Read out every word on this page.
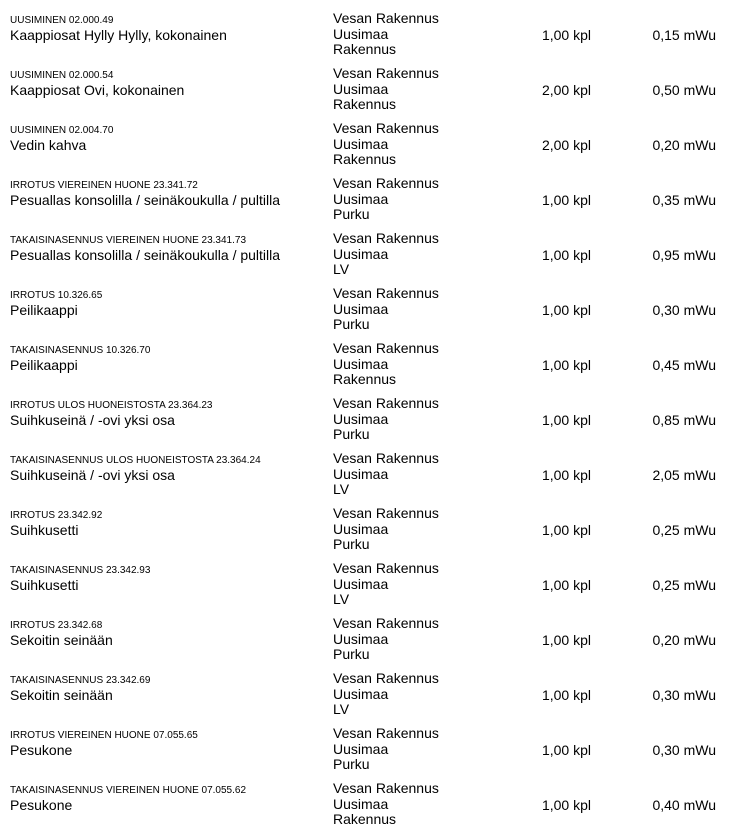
UUSIMINEN 02.000.49
Kaappiosat Hylly Hylly, kokonainen
Vesan Rakennus
Uusimaa
Rakennus
1,00 kpl	0,15 mWu
UUSIMINEN 02.000.54
Kaappiosat Ovi, kokonainen
Vesan Rakennus
Uusimaa
Rakennus
2,00 kpl	0,50 mWu
UUSIMINEN 02.004.70
Vedin kahva
Vesan Rakennus
Uusimaa
Rakennus
2,00 kpl	0,20 mWu
IRROTUS VIEREINEN HUONE 23.341.72
Pesuallas konsolilla / seinäkoukulla / pultilla
Vesan Rakennus
Uusimaa
Purku
1,00 kpl	0,35 mWu
TAKAISINASENNUS VIEREINEN HUONE 23.341.73
Pesuallas konsolilla / seinäkoukulla / pultilla
Vesan Rakennus
Uusimaa
LV
1,00 kpl	0,95 mWu
IRROTUS 10.326.65
Peilikaappi
Vesan Rakennus
Uusimaa
Purku
1,00 kpl	0,30 mWu
TAKAISINASENNUS 10.326.70
Peilikaappi
Vesan Rakennus
Uusimaa
Rakennus
1,00 kpl	0,45 mWu
IRROTUS ULOS HUONEISTOSTA 23.364.23
Suihkuseinä / -ovi yksi osa
Vesan Rakennus
Uusimaa
Purku
1,00 kpl	0,85 mWu
TAKAISINASENNUS ULOS HUONEISTOSTA 23.364.24
Suihkuseinä / -ovi yksi osa
Vesan Rakennus
Uusimaa
LV
1,00 kpl	2,05 mWu
IRROTUS 23.342.92
Suihkusetti
Vesan Rakennus
Uusimaa
Purku
1,00 kpl	0,25 mWu
TAKAISINASENNUS 23.342.93
Suihkusetti
Vesan Rakennus
Uusimaa
LV
1,00 kpl	0,25 mWu
IRROTUS 23.342.68
Sekoitin seinään
Vesan Rakennus
Uusimaa
Purku
1,00 kpl	0,20 mWu
TAKAISINASENNUS 23.342.69
Sekoitin seinään
Vesan Rakennus
Uusimaa
LV
1,00 kpl	0,30 mWu
IRROTUS VIEREINEN HUONE 07.055.65
Pesukone
Vesan Rakennus
Uusimaa
Purku
1,00 kpl	0,30 mWu
TAKAISINASENNUS VIEREINEN HUONE 07.055.62
Pesukone
Vesan Rakennus
Uusimaa
Rakennus
1,00 kpl	0,40 mWu
